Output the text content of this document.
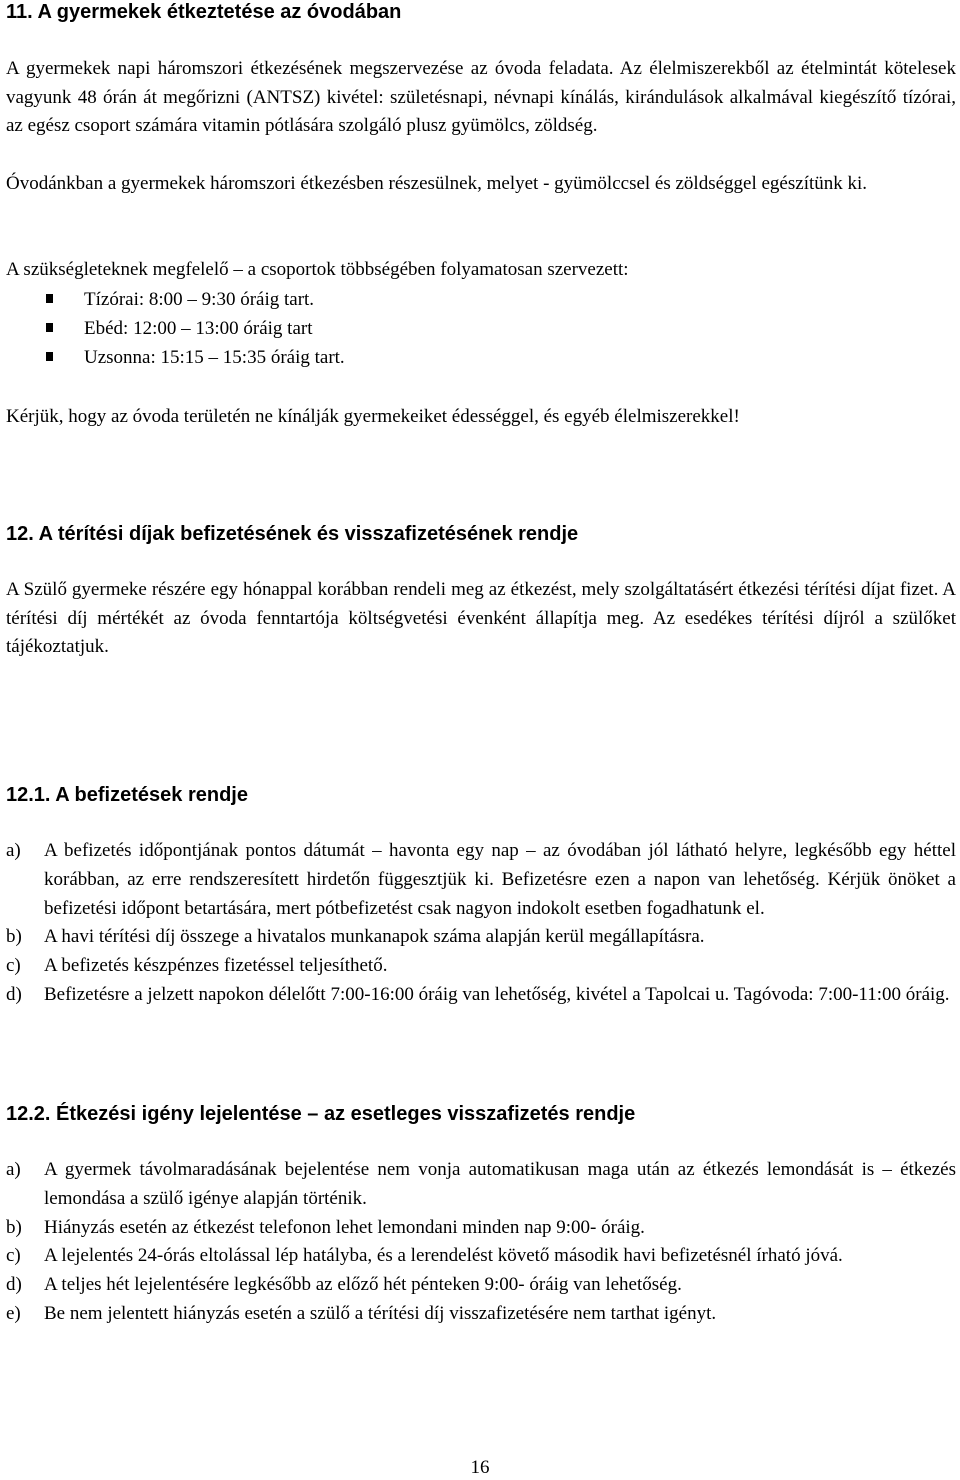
11. A gyermekek étkeztetése az óvodában

A gyermekek napi háromszori étkezésének megszervezése az óvoda feladata. Az élelmiszerekből az ételmintát kötelesek vagyunk 48 órán át megőrizni (ANTSZ) kivétel: születésnapi, névnapi kínálás, kirándulások alkalmával kiegészítő tízórai, az egész csoport számára vitamin pótlására szolgáló plusz gyümölcs, zöldség.

Óvodánkban a gyermekek háromszori étkezésben részesülnek, melyet - gyümölccsel és zöldséggel egészítünk ki.

A szükségleteknek megfelelő – a csoportok többségében folyamatosan szervezett:

Tízórai: 8:00 – 9:30 óráig tart.
Ebéd: 12:00 – 13:00 óráig tart
Uzsonna: 15:15 – 15:35 óráig tart.

Kérjük, hogy az óvoda területén ne kínálják gyermekeiket édességgel, és egyéb élelmiszerekkel!

12. A térítési díjak befizetésének és visszafizetésének rendje

A Szülő gyermeke részére egy hónappal korábban rendeli meg az étkezést, mely szolgáltatásért étkezési térítési díjat fizet. A térítési díj mértékét az óvoda fenntartója költségvetési évenként állapítja meg. Az esedékes térítési díjról a szülőket tájékoztatjuk.

12.1. A befizetések rendje
a) A befizetés időpontjának pontos dátumát – havonta egy nap – az óvodában jól látható helyre, legkésőbb egy héttel korábban, az erre rendszeresített hirdetőn függesztjük ki. Befizetésre ezen a napon van lehetőség. Kérjük önöket a befizetési időpont betartására, mert pótbefizetést csak nagyon indokolt esetben fogadhatunk el.
b) A havi térítési díj összege a hivatalos munkanapok száma alapján kerül megállapításra.
c) A befizetés készpénzes fizetéssel teljesíthető.
d) Befizetésre a jelzett napokon délelőtt 7:00-16:00 óráig van lehetőség, kivétel a Tapolcai u. Tagóvoda: 7:00-11:00 óráig.
12.2. Étkezési igény lejelentése – az esetleges visszafizetés rendje
a) A gyermek távolmaradásának bejelentése nem vonja automatikusan maga után az étkezés lemondását is – étkezés lemondása a szülő igénye alapján történik.
b) Hiányzás esetén az étkezést telefonon lehet lemondani minden nap 9:00- óráig.
c) A lejelentés 24-órás eltolással lép hatályba, és a lerendelést követő második havi befizetésnél írható jóvá.
d) A teljes hét lejelentésére legkésőbb az előző hét pénteken 9:00- óráig van lehetőség.
e) Be nem jelentett hiányzás esetén a szülő a térítési díj visszafizetésére nem tarthat igényt.
16
